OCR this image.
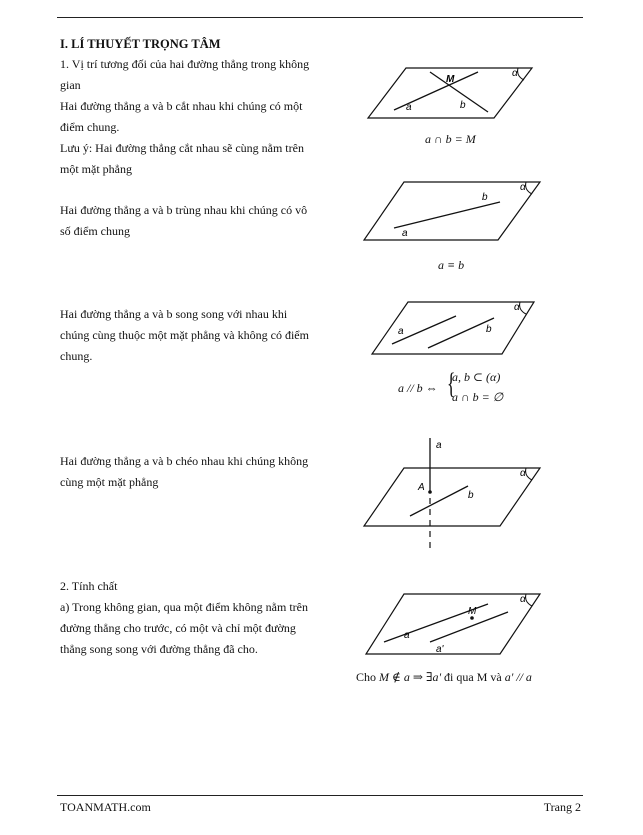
I. LÍ THUYẾT TRỌNG TÂM
1. Vị trí tương đối của hai đường thẳng trong không gian
Hai đường thẳng a và b cắt nhau khi chúng có một
điểm chung.
Lưu ý: Hai đường thẳng cắt nhau sẽ cùng nằm trên
một mặt phẳng
M
a	b
α
a ∩ b = M
Hai đường thẳng a và b trùng nhau khi chúng có vô
số điểm chung
b
a
α
a ≡ b
Hai đường thẳng a và b song song với nhau khi
chúng cùng thuộc một mặt phẳng và không có điểm
chung.
a	b
α
a // b ⇔ {
a, b ⊂ (α)
a ∩ b = ∅
Hai đường thẳng a và b chéo nhau khi chúng không
cùng một mặt phẳng
a
A
b
α
2. Tính chất
a) Trong không gian, qua một điểm không nằm trên
đường thẳng cho trước, có một và chỉ một đường
thẳng song song với đường thẳng đã cho.
M
a
a'
α
Cho M ∉ a ⇒ ∃a' đi qua M và a' // a
TOANMATH.com	Trang 2
